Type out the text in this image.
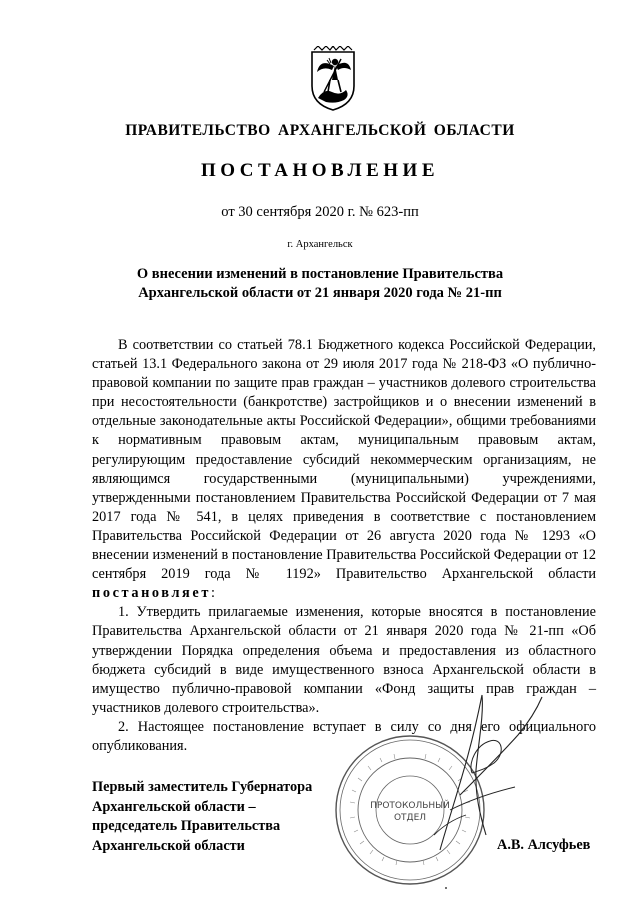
ПРАВИТЕЛЬСТВО АРХАНГЕЛЬСКОЙ ОБЛАСТИ
ПОСТАНОВЛЕНИЕ
от 30 сентября 2020 г. № 623-пп
г. Архангельск
О внесении изменений в постановление Правительства
Архангельской области от 21 января 2020 года № 21-пп

В соответствии со статьей 78.1 Бюджетного кодекса Российской Федерации, статьей 13.1 Федерального закона от 29 июля 2017 года № 218-ФЗ «О публично-правовой компании по защите прав граждан – участников долевого строительства при несостоятельности (банкротстве) застройщиков и о внесении изменений в отдельные законодательные акты Российской Федерации», общими требованиями к нормативным правовым актам, муниципальным правовым актам, регулирующим предоставление субсидий некоммерческим организациям, не являющимся государственными (муниципальными) учреждениями, утвержденными постановлением Правительства Российской Федерации от 7 мая 2017 года № 541, в целях приведения в соответствие с постановлением Правительства Российской Федерации от 26 августа 2020 года № 1293 «О внесении изменений в постановление Правительства Российской Федерации от 12 сентября 2019 года № 1192» Правительство Архангельской области постановляет:

1. Утвердить прилагаемые изменения, которые вносятся в постановление Правительства Архангельской области от 21 января 2020 года № 21-пп «Об утверждении Порядка определения объема и предоставления из областного бюджета субсидий в виде имущественного взноса Архангельской области в имущество публично-правовой компании «Фонд защиты прав граждан – участников долевого строительства».

2. Настоящее постановление вступает в силу со дня его официального опубликования.

Первый заместитель Губернатора
Архангельской области –
председатель Правительства
Архангельской области	А.В. Алсуфьев
ПРОТОКОЛЬНЫЙ
ОТДЕЛ
